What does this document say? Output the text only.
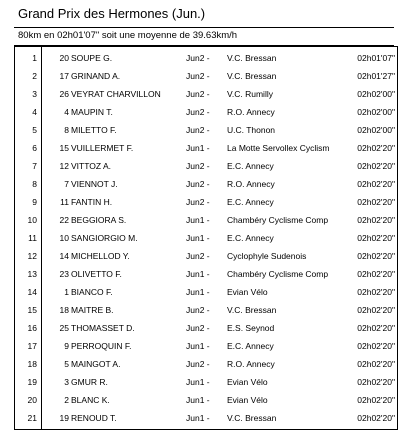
Grand Prix des Hermones (Jun.)
80km en 02h01'07" soit une moyenne de 39.63km/h
1	20 SOUPE G.	Jun2 -	V.C. Bressan	02h01'07"
2	17 GRINAND A.	Jun2 -	V.C. Bressan	02h01'27"
3	26 VEYRAT CHARVILLON	Jun2 -	V.C. Rumilly	02h02'00"
4	4 MAUPIN T.	Jun2 -	R.O. Annecy	02h02'00"
5	8 MILETTO F.	Jun2 -	U.C. Thonon	02h02'00"
6	15 VUILLERMET F.	Jun1 -	La Motte Servollex Cyclism	02h02'20"
7	12 VITTOZ A.	Jun2 -	E.C. Annecy	02h02'20"
8	7 VIENNOT J.	Jun2 -	R.O. Annecy	02h02'20"
9	11 FANTIN H.	Jun2 -	E.C. Annecy	02h02'20"
10	22 BEGGIORA S.	Jun1 -	Chambéry Cyclisme Comp	02h02'20"
11	10 SANGIORGIO M.	Jun1 -	E.C. Annecy	02h02'20"
12	14 MICHELLOD Y.	Jun2 -	Cyclophyle Sudenois	02h02'20"
13	23 OLIVETTO F.	Jun1 -	Chambéry Cyclisme Comp	02h02'20"
14	1 BIANCO F.	Jun1 -	Evian Vélo	02h02'20"
15	18 MAITRE B.	Jun2 -	V.C. Bressan	02h02'20"
16	25 THOMASSET D.	Jun2 -	E.S. Seynod	02h02'20"
17	9 PERROQUIN F.	Jun1 -	E.C. Annecy	02h02'20"
18	5 MAINGOT A.	Jun2 -	R.O. Annecy	02h02'20"
19	3 GMUR R.	Jun1 -	Evian Vélo	02h02'20"
20	2 BLANC K.	Jun1 -	Evian Vélo	02h02'20"
21	19 RENOUD T.	Jun1 -	V.C. Bressan	02h02'20"
